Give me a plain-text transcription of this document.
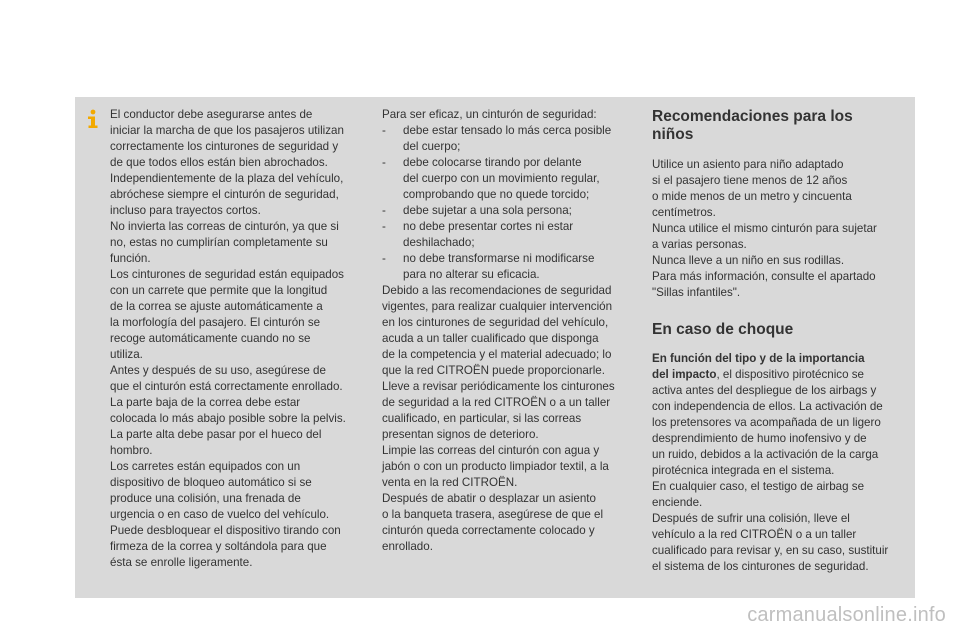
El conductor debe asegurarse antes de

iniciar la marcha de que los pasajeros utilizan

correctamente los cinturones de seguridad y

de que todos ellos están bien abrochados.

Independientemente de la plaza del vehículo,

abróchese siempre el cinturón de seguridad,

incluso para trayectos cortos.

No invierta las correas de cinturón, ya que si

no, estas no cumplirían completamente su

función.

Los cinturones de seguridad están equipados

con un carrete que permite que la longitud

de la correa se ajuste automáticamente a

la morfología del pasajero. El cinturón se

recoge automáticamente cuando no se

utiliza.

Antes y después de su uso, asegúrese de

que el cinturón está correctamente enrollado.

La parte baja de la correa debe estar

colocada lo más abajo posible sobre la pelvis.

La parte alta debe pasar por el hueco del

hombro.

Los carretes están equipados con un

dispositivo de bloqueo automático si se

produce una colisión, una frenada de

urgencia o en caso de vuelco del vehículo.

Puede desbloquear el dispositivo tirando con

firmeza de la correa y soltándola para que

ésta se enrolle ligeramente.

Para ser eficaz, un cinturón de seguridad:

-	debe estar tensado lo más cerca posible

del cuerpo;

-	debe colocarse tirando por delante

del cuerpo con un movimiento regular,

comprobando que no quede torcido;

-	debe sujetar a una sola persona;

-	no debe presentar cortes ni estar

deshilachado;

-	no debe transformarse ni modificarse

para no alterar su eficacia.

Debido a las recomendaciones de seguridad

vigentes, para realizar cualquier intervención

en los cinturones de seguridad del vehículo,

acuda a un taller cualificado que disponga

de la competencia y el material adecuado; lo

que la red CITROËN puede proporcionarle.

Lleve a revisar periódicamente los cinturones

de seguridad a la red CITROËN o a un taller

cualificado, en particular, si las correas

presentan signos de deterioro.

Limpie las correas del cinturón con agua y

jabón o con un producto limpiador textil, a la

venta en la red CITROËN.

Después de abatir o desplazar un asiento

o la banqueta trasera, asegúrese de que el

cinturón queda correctamente colocado y

enrollado.

Recomendaciones para los
niños

Utilice un asiento para niño adaptado

si el pasajero tiene menos de 12 años

o mide menos de un metro y cincuenta

centímetros.

Nunca utilice el mismo cinturón para sujetar

a varias personas.

Nunca lleve a un niño en sus rodillas.

Para más información, consulte el apartado

"Sillas infantiles".

En caso de choque

En función del tipo y de la importancia

del impacto, el dispositivo pirotécnico se

activa antes del despliegue de los airbags y

con independencia de ellos. La activación de

los pretensores va acompañada de un ligero

desprendimiento de humo inofensivo y de

un ruido, debidos a la activación de la carga

pirotécnica integrada en el sistema.

En cualquier caso, el testigo de airbag se

enciende.

Después de sufrir una colisión, lleve el

vehículo a la red CITROËN o a un taller

cualificado para revisar y, en su caso, sustituir

el sistema de los cinturones de seguridad.

carmanualsonline.info
